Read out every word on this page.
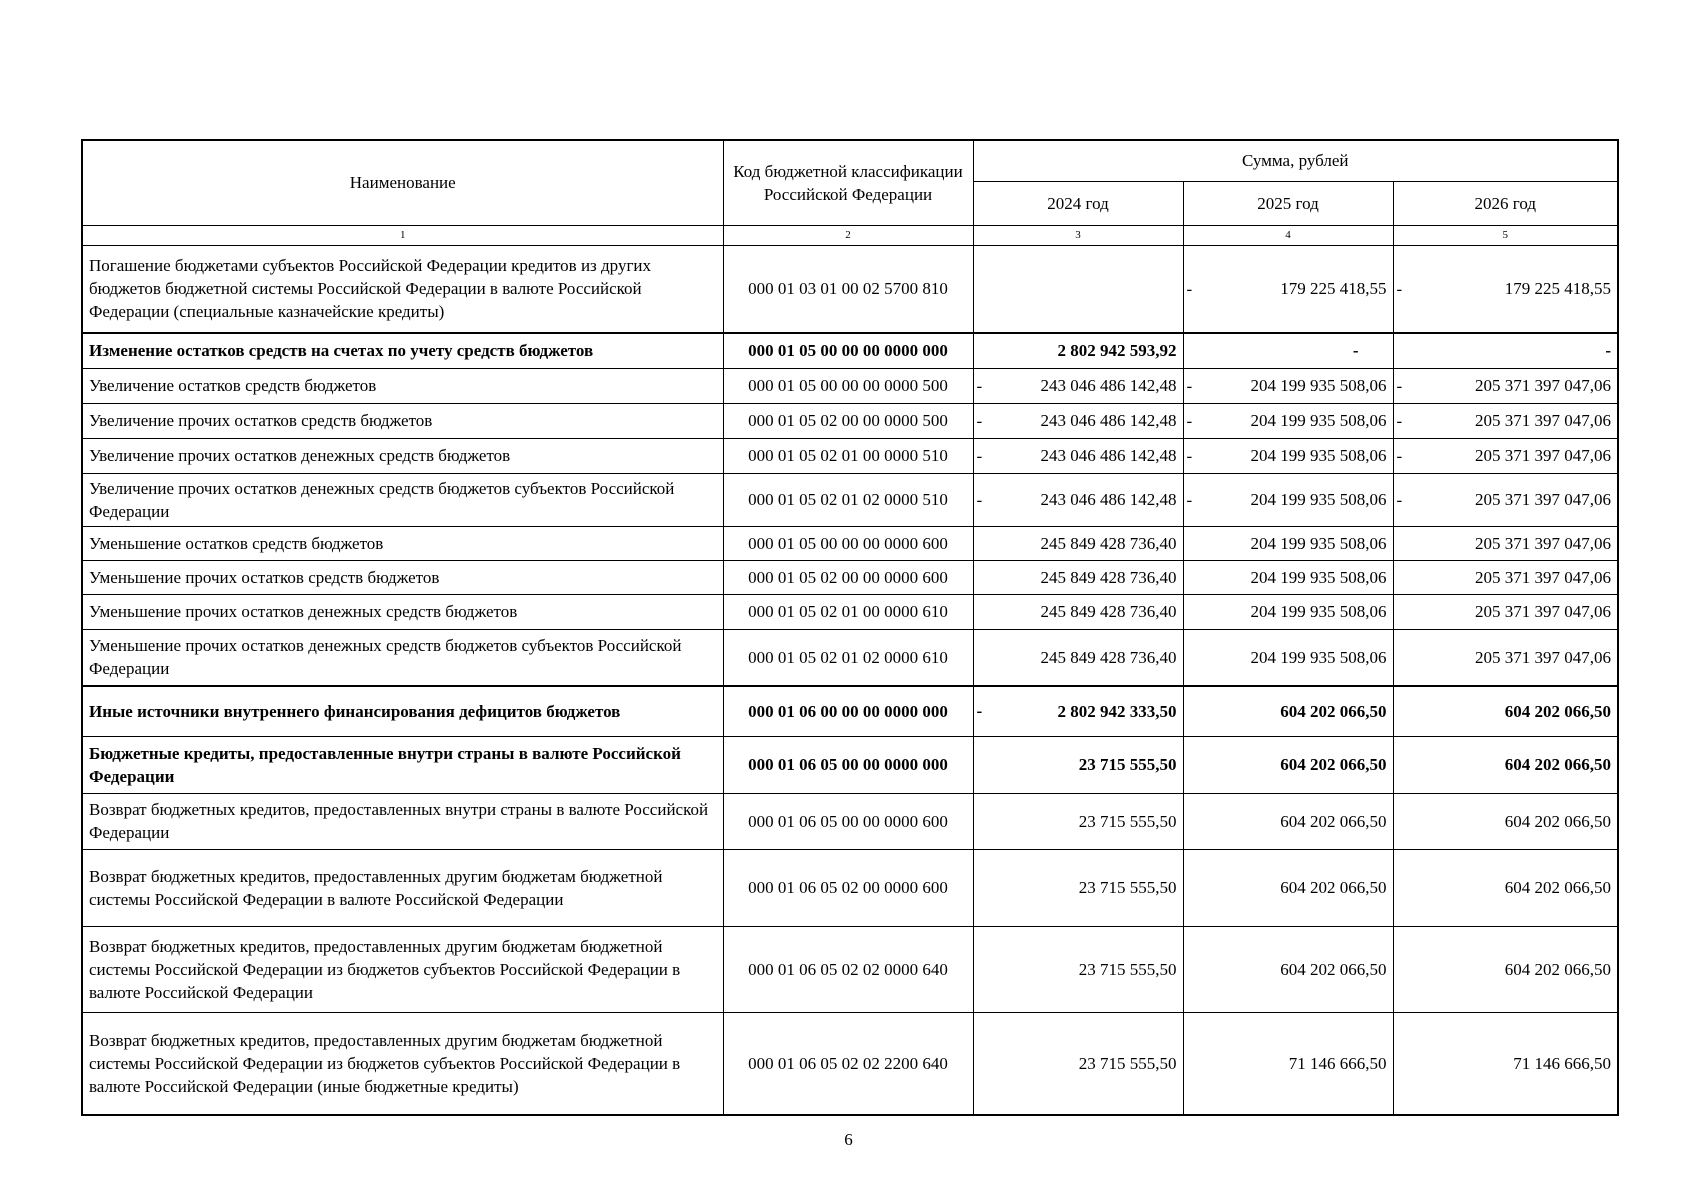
Наименование	Код бюджетной классификации Российской Федерации	Сумма, рублей		
		2024 год	2025 год	2026 год
1	2	3	4	5
Погашение бюджетами субъектов Российской Федерации кредитов из других бюджетов бюджетной системы Российской Федерации в валюте Российской Федерации (специальные казначейские кредиты)	000 01 03 01 00 02 5700 810		- 179 225 418,55	- 179 225 418,55
Изменение остатков средств на счетах по учету средств бюджетов	000 01 05 00 00 00 0000 000	2 802 942 593,92	-	-
Увеличение остатков средств бюджетов	000 01 05 00 00 00 0000 500	- 243 046 486 142,48	- 204 199 935 508,06	- 205 371 397 047,06
Увеличение прочих остатков средств бюджетов	000 01 05 02 00 00 0000 500	- 243 046 486 142,48	- 204 199 935 508,06	- 205 371 397 047,06
Увеличение прочих остатков денежных средств бюджетов	000 01 05 02 01 00 0000 510	- 243 046 486 142,48	- 204 199 935 508,06	- 205 371 397 047,06
Увеличение прочих остатков денежных средств бюджетов субъектов Российской Федерации	000 01 05 02 01 02 0000 510	- 243 046 486 142,48	- 204 199 935 508,06	- 205 371 397 047,06
Уменьшение остатков средств бюджетов	000 01 05 00 00 00 0000 600	245 849 428 736,40	204 199 935 508,06	205 371 397 047,06
Уменьшение прочих остатков средств бюджетов	000 01 05 02 00 00 0000 600	245 849 428 736,40	204 199 935 508,06	205 371 397 047,06
Уменьшение прочих остатков денежных средств бюджетов	000 01 05 02 01 00 0000 610	245 849 428 736,40	204 199 935 508,06	205 371 397 047,06
Уменьшение прочих остатков денежных средств бюджетов субъектов Российской Федерации	000 01 05 02 01 02 0000 610	245 849 428 736,40	204 199 935 508,06	205 371 397 047,06
Иные источники внутреннего финансирования дефицитов бюджетов	000 01 06 00 00 00 0000 000	- 2 802 942 333,50	604 202 066,50	604 202 066,50
Бюджетные кредиты, предоставленные внутри страны в валюте Российской Федерации	000 01 06 05 00 00 0000 000	23 715 555,50	604 202 066,50	604 202 066,50
Возврат бюджетных кредитов, предоставленных внутри страны в валюте Российской Федерации	000 01 06 05 00 00 0000 600	23 715 555,50	604 202 066,50	604 202 066,50
Возврат бюджетных кредитов, предоставленных другим бюджетам бюджетной системы Российской Федерации в валюте Российской Федерации	000 01 06 05 02 00 0000 600	23 715 555,50	604 202 066,50	604 202 066,50
Возврат бюджетных кредитов, предоставленных другим бюджетам бюджетной системы Российской Федерации из бюджетов субъектов Российской Федерации в валюте Российской Федерации	000 01 06 05 02 02 0000 640	23 715 555,50	604 202 066,50	604 202 066,50
Возврат бюджетных кредитов, предоставленных другим бюджетам бюджетной системы Российской Федерации из бюджетов субъектов Российской Федерации в валюте Российской Федерации (иные бюджетные кредиты)	000 01 06 05 02 02 2200 640	23 715 555,50	71 146 666,50	71 146 666,50
6
